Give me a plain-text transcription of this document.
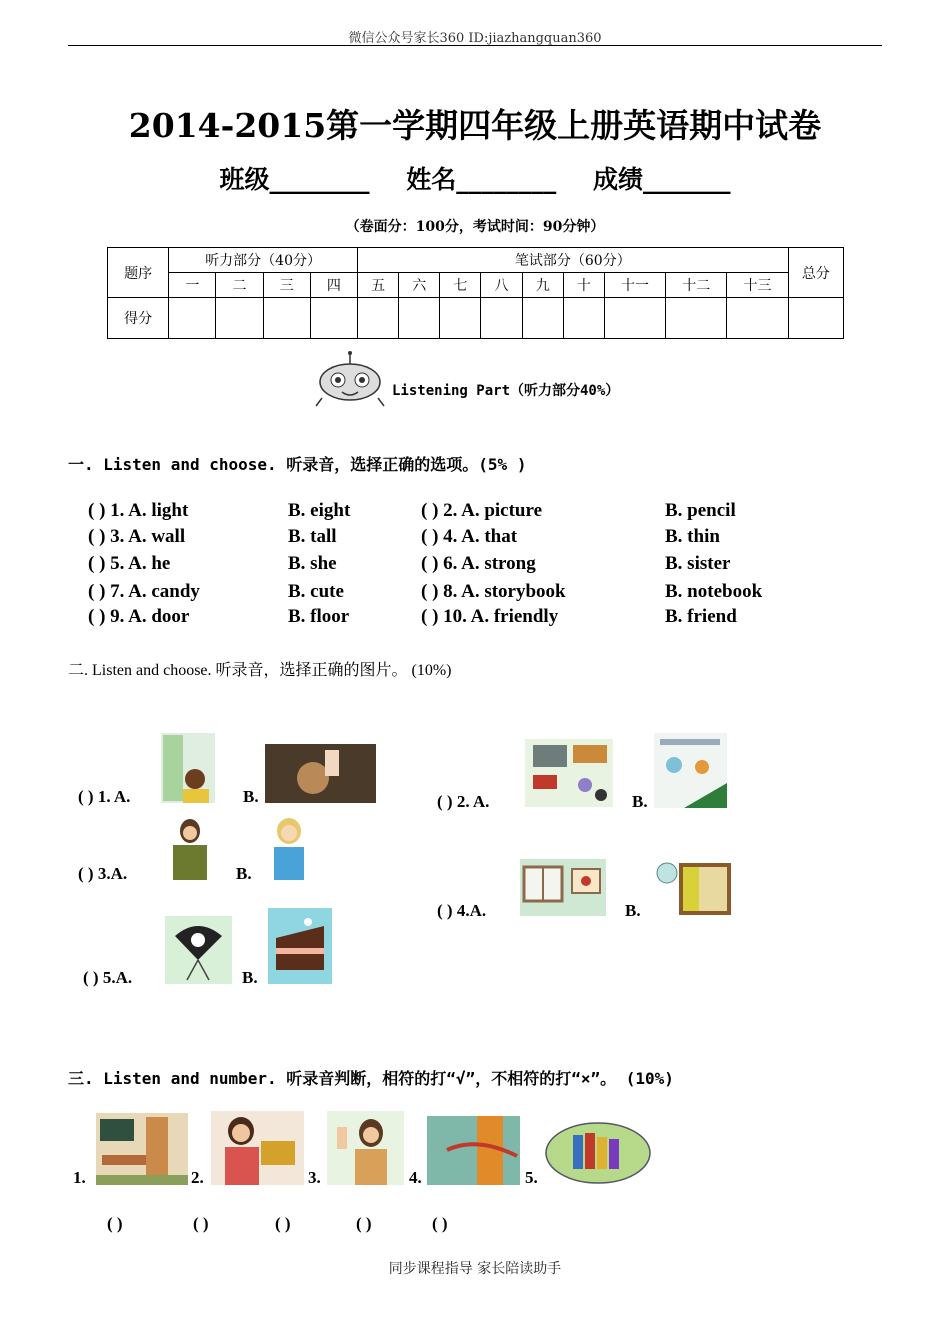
微信公众号家长360 ID:jiazhangquan360
2014-2015第一学期四年级上册英语期中试卷
班级________ 姓名________ 成绩_______
（卷面分：100分，考试时间：90分钟）
题序	听力部分（40分）				笔试部分（60分）									总分
	一	二	三	四	五	六	七	八	九	十	十一	十二	十三	
得分														
Listening Part（听力部分40%）
一. Listen and choose. 听录音，选择正确的选项。(5% )
( ) 1. A. light	B. eight	( ) 2. A. picture	B. pencil
( ) 3. A. wall	B. tall	( ) 4. A. that	B. thin
( ) 5. A. he	B. she	( ) 6. A. strong	B. sister
( ) 7. A. candy	B. cute	( ) 8. A. storybook	B. notebook
( ) 9. A. door	B. floor	( ) 10. A. friendly	B. friend
二. Listen and choose. 听录音，选择正确的图片。 (10%)
( ) 1. A.	B.	( ) 2. A.	B.
( ) 3.A.	B.
( ) 4.A.	B.
( ) 5.A.	B.
三. Listen and number. 听录音判断，相符的打“√”，不相符的打“×”。 (10%)
1.	2.	3.	4.	5.
( )	( )	( )	( )	( )
同步课程指导 家长陪读助手
